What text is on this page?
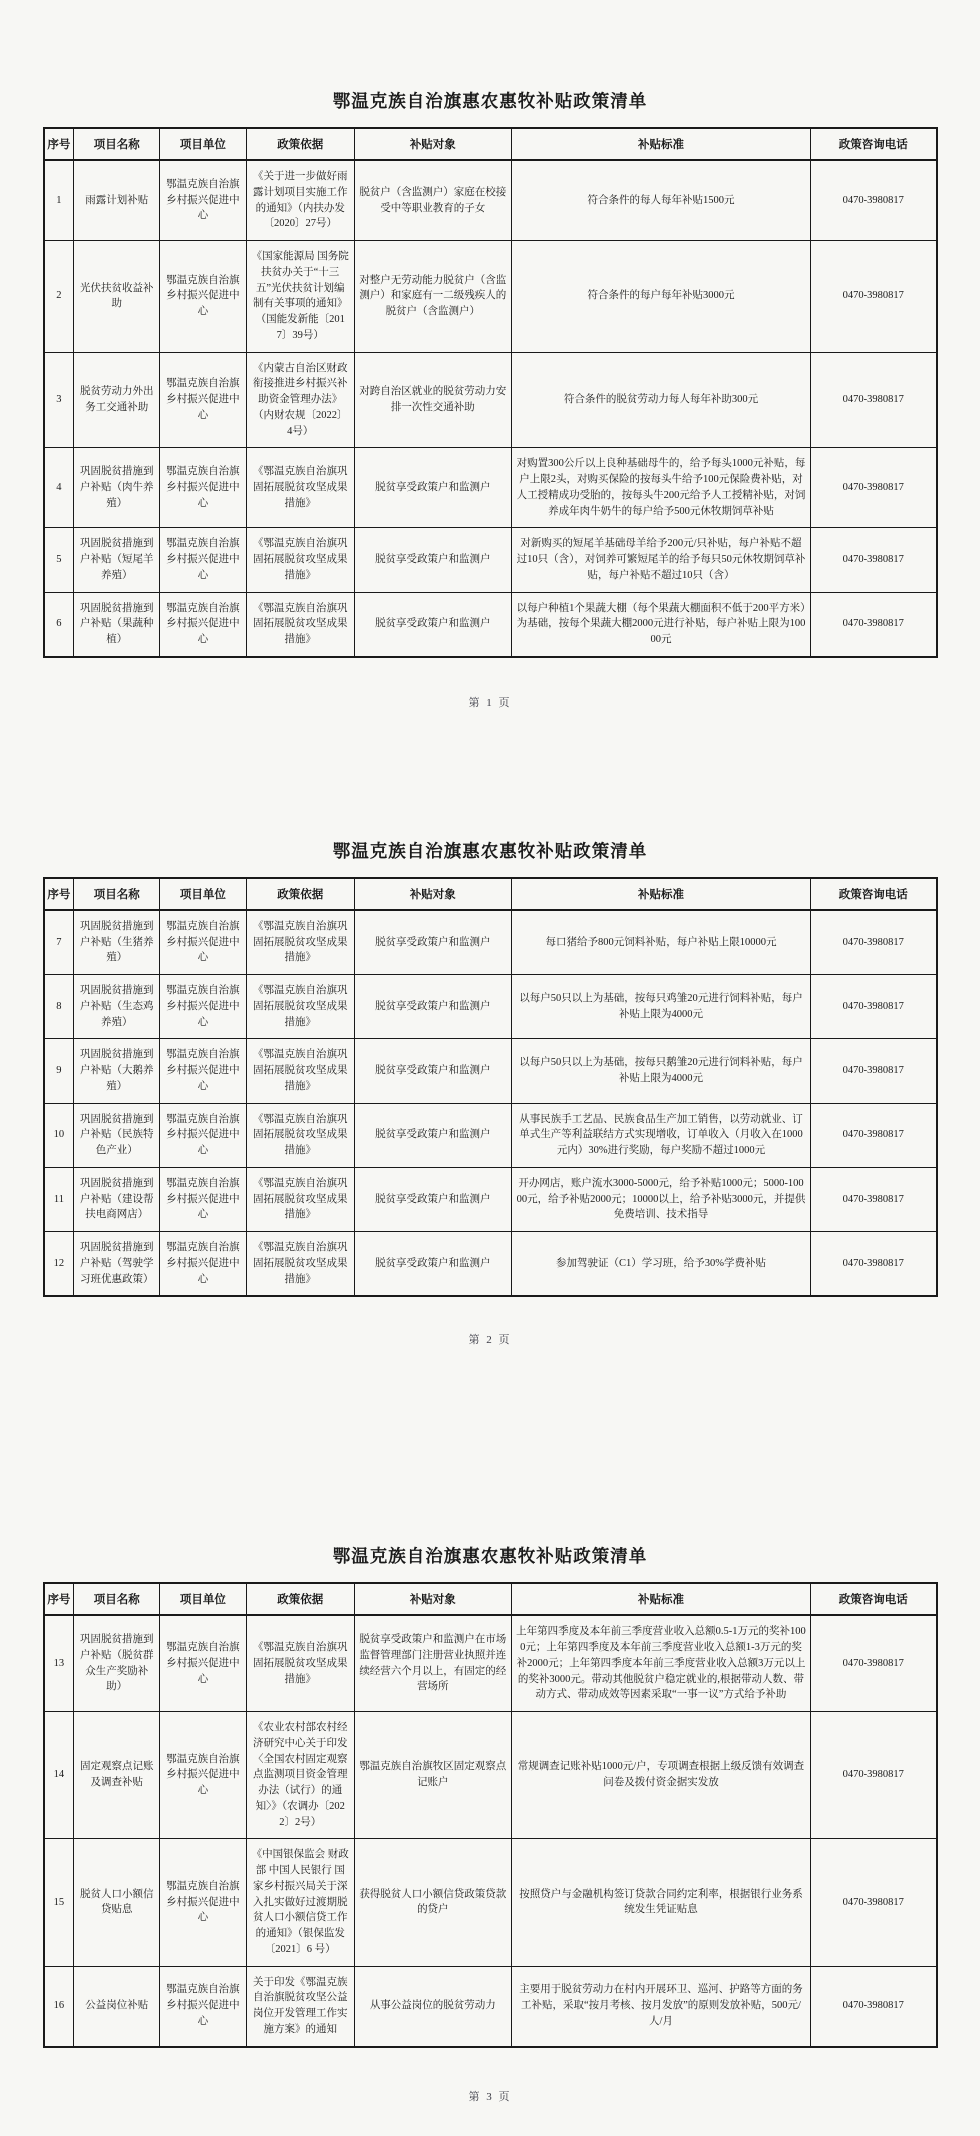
鄂温克族自治旗惠农惠牧补贴政策清单
序号	项目名称	项目单位	政策依据	补贴对象	补贴标准	政策咨询电话
1	雨露计划补贴	鄂温克族自治旗乡村振兴促进中心	《关于进一步做好雨露计划项目实施工作的通知》（内扶办发〔2020〕27号）	脱贫户（含监测户）家庭在校接受中等职业教育的子女	符合条件的每人每年补贴1500元	0470-3980817
2	光伏扶贫收益补助	鄂温克族自治旗乡村振兴促进中心	《国家能源局 国务院扶贫办关于“十三五”光伏扶贫计划编制有关事项的通知》（国能发新能〔2017〕39号）	对整户无劳动能力脱贫户（含监测户）和家庭有一二级残疾人的脱贫户（含监测户）	符合条件的每户每年补贴3000元	0470-3980817
3	脱贫劳动力外出务工交通补助	鄂温克族自治旗乡村振兴促进中心	《内蒙古自治区财政衔接推进乡村振兴补助资金管理办法》（内财农规〔2022〕4号）	对跨自治区就业的脱贫劳动力安排一次性交通补助	符合条件的脱贫劳动力每人每年补助300元	0470-3980817
4	巩固脱贫措施到户补贴（肉牛养殖）	鄂温克族自治旗乡村振兴促进中心	《鄂温克族自治旗巩固拓展脱贫攻坚成果措施》	脱贫享受政策户和监测户	对购置300公斤以上良种基础母牛的，给予每头1000元补贴，每户上限2头，对购买保险的按每头牛给予100元保险费补贴，对人工授精成功受胎的，按每头牛200元给予人工授精补贴，对饲养成年肉牛奶牛的每户给予500元休牧期饲草补贴	0470-3980817
5	巩固脱贫措施到户补贴（短尾羊养殖）	鄂温克族自治旗乡村振兴促进中心	《鄂温克族自治旗巩固拓展脱贫攻坚成果措施》	脱贫享受政策户和监测户	对新购买的短尾羊基础母羊给予200元/只补贴，每户补贴不超过10只（含），对饲养可繁短尾羊的给予每只50元休牧期饲草补贴，每户补贴不超过10只（含）	0470-3980817
6	巩固脱贫措施到户补贴（果蔬种植）	鄂温克族自治旗乡村振兴促进中心	《鄂温克族自治旗巩固拓展脱贫攻坚成果措施》	脱贫享受政策户和监测户	以每户种植1个果蔬大棚（每个果蔬大棚面积不低于200平方米）为基础，按每个果蔬大棚2000元进行补贴，每户补贴上限为10000元	0470-3980817
第 1 页
鄂温克族自治旗惠农惠牧补贴政策清单
序号	项目名称	项目单位	政策依据	补贴对象	补贴标准	政策咨询电话
7	巩固脱贫措施到户补贴（生猪养殖）	鄂温克族自治旗乡村振兴促进中心	《鄂温克族自治旗巩固拓展脱贫攻坚成果措施》	脱贫享受政策户和监测户	每口猪给予800元饲料补贴，每户补贴上限10000元	0470-3980817
8	巩固脱贫措施到户补贴（生态鸡养殖）	鄂温克族自治旗乡村振兴促进中心	《鄂温克族自治旗巩固拓展脱贫攻坚成果措施》	脱贫享受政策户和监测户	以每户50只以上为基础，按每只鸡雏20元进行饲料补贴，每户补贴上限为4000元	0470-3980817
9	巩固脱贫措施到户补贴（大鹅养殖）	鄂温克族自治旗乡村振兴促进中心	《鄂温克族自治旗巩固拓展脱贫攻坚成果措施》	脱贫享受政策户和监测户	以每户50只以上为基础，按每只鹅雏20元进行饲料补贴，每户补贴上限为4000元	0470-3980817
10	巩固脱贫措施到户补贴（民族特色产业）	鄂温克族自治旗乡村振兴促进中心	《鄂温克族自治旗巩固拓展脱贫攻坚成果措施》	脱贫享受政策户和监测户	从事民族手工艺品、民族食品生产加工销售，以劳动就业、订单式生产等利益联结方式实现增收，订单收入（月收入在1000元内）30%进行奖励，每户奖励不超过1000元	0470-3980817
11	巩固脱贫措施到户补贴（建设帮扶电商网店）	鄂温克族自治旗乡村振兴促进中心	《鄂温克族自治旗巩固拓展脱贫攻坚成果措施》	脱贫享受政策户和监测户	开办网店，账户流水3000-5000元，给予补贴1000元；5000-10000元，给予补贴2000元；10000以上，给予补贴3000元，并提供免费培训、技术指导	0470-3980817
12	巩固脱贫措施到户补贴（驾驶学习班优惠政策）	鄂温克族自治旗乡村振兴促进中心	《鄂温克族自治旗巩固拓展脱贫攻坚成果措施》	脱贫享受政策户和监测户	参加驾驶证（C1）学习班，给予30%学费补贴	0470-3980817
第 2 页
鄂温克族自治旗惠农惠牧补贴政策清单
序号	项目名称	项目单位	政策依据	补贴对象	补贴标准	政策咨询电话
13	巩固脱贫措施到户补贴（脱贫群众生产奖励补助）	鄂温克族自治旗乡村振兴促进中心	《鄂温克族自治旗巩固拓展脱贫攻坚成果措施》	脱贫享受政策户和监测户在市场监督管理部门注册营业执照并连续经营六个月以上，有固定的经营场所	上年第四季度及本年前三季度营业收入总额0.5-1万元的奖补1000元；上年第四季度及本年前三季度营业收入总额1-3万元的奖补2000元；上年第四季度本年前三季度营业收入总额3万元以上的奖补3000元。带动其他脱贫户稳定就业的,根据带动人数、带动方式、带动成效等因素采取“一事一议”方式给予补助	0470-3980817
14	固定观察点记账及调查补贴	鄂温克族自治旗乡村振兴促进中心	《农业农村部农村经济研究中心关于印发〈全国农村固定观察点监测项目资金管理办法（试行）的通知〉》（农调办〔2022〕2号）	鄂温克族自治旗牧区固定观察点记账户	常规调查记账补贴1000元/户，专项调查根据上级反馈有效调查问卷及拨付资金据实发放	0470-3980817
15	脱贫人口小额信贷贴息	鄂温克族自治旗乡村振兴促进中心	《中国银保监会 财政部 中国人民银行 国家乡村振兴局关于深入扎实做好过渡期脱贫人口小额信贷工作的通知》（银保监发〔2021〕6 号）	获得脱贫人口小额信贷政策贷款的贷户	按照贷户与金融机构签订贷款合同约定利率，根据银行业务系统发生凭证贴息	0470-3980817
16	公益岗位补贴	鄂温克族自治旗乡村振兴促进中心	关于印发《鄂温克族自治旗脱贫攻坚公益岗位开发管理工作实施方案》的通知	从事公益岗位的脱贫劳动力	主要用于脱贫劳动力在村内开展环卫、巡河、护路等方面的务工补贴，采取“按月考核、按月发放”的原则发放补贴，500元/人/月	0470-3980817
第 3 页
